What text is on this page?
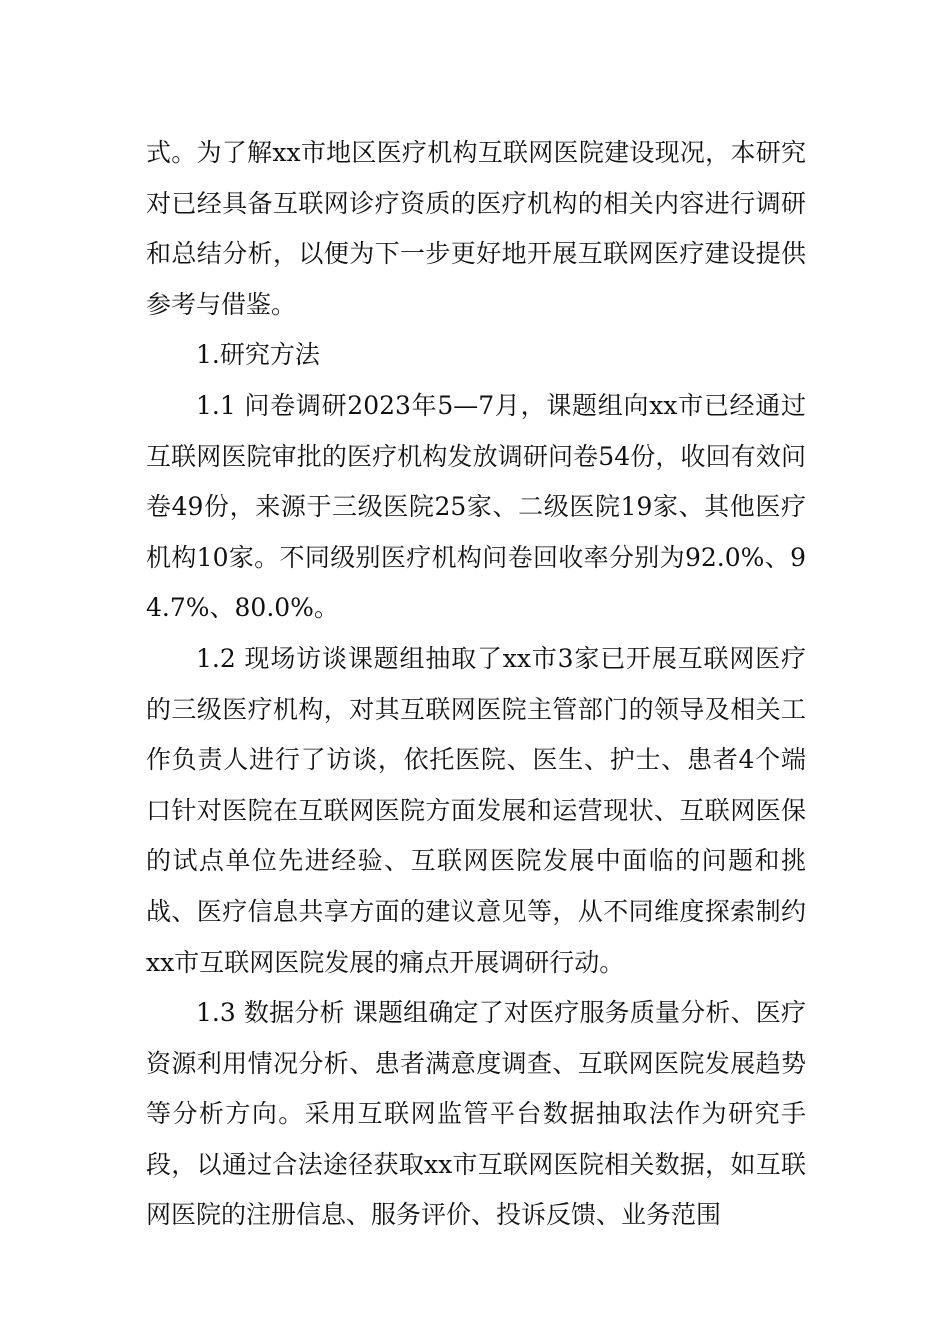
式。为了解xx市地区医疗机构互联网医院建设现况，本研究对已经具备互联网诊疗资质的医疗机构的相关内容进行调研和总结分析，以便为下一步更好地开展互联网医疗建设提供参考与借鉴。

1.研究方法

1.1 问卷调研2023年5—7月，课题组向xx市已经通过互联网医院审批的医疗机构发放调研问卷54份，收回有效问卷49份，来源于三级医院25家、二级医院19家、其他医疗机构10家。不同级别医疗机构问卷回收率分别为92.0%、94.7%、80.0%。

1.2 现场访谈课题组抽取了xx市3家已开展互联网医疗的三级医疗机构，对其互联网医院主管部门的领导及相关工作负责人进行了访谈，依托医院、医生、护士、患者4个端口针对医院在互联网医院方面发展和运营现状、互联网医保的试点单位先进经验、互联网医院发展中面临的问题和挑战、医疗信息共享方面的建议意见等，从不同维度探索制约xx市互联网医院发展的痛点开展调研行动。

1.3 数据分析 课题组确定了对医疗服务质量分析、医疗资源利用情况分析、患者满意度调查、互联网医院发展趋势等分析方向。采用互联网监管平台数据抽取法作为研究手段，以通过合法途径获取xx市互联网医院相关数据，如互联网医院的注册信息、服务评价、投诉反馈、业务范围
